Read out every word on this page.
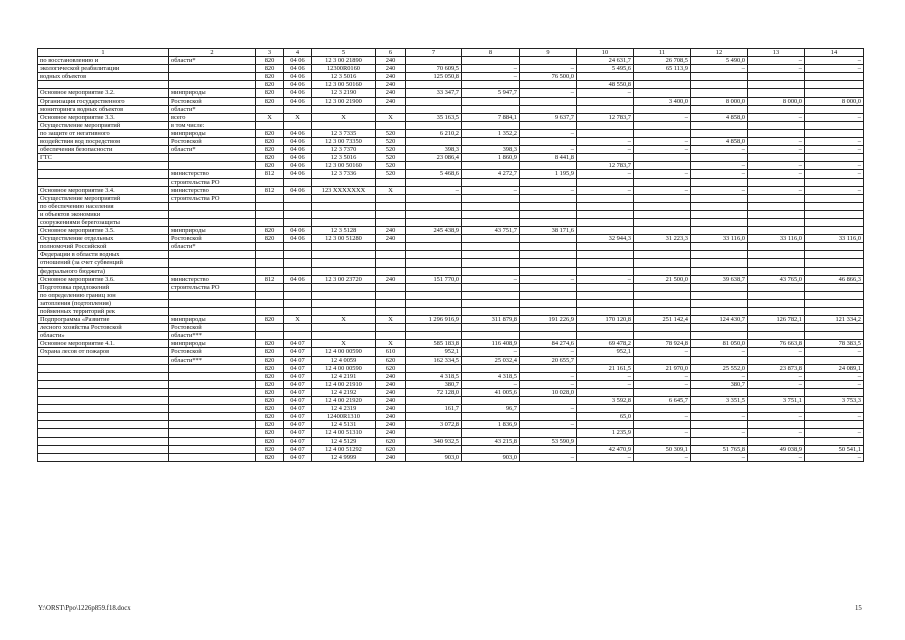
1	2	3	4	5	6	7	8	9	10	11	12	13	14
по восстановлению и	области*	820	04 06	12 3 00 21890	240				24 631,7	26 708,5	5 490,0	–	–
экологической реабилитации		820	04 06	12300R0160	240	70 609,5	–	–	5 495,6	65 113,9	–	–	–
водных объектов		820	04 06	12 3 5016	240	125 050,8	–	76 500,0					
		820	04 06	12 3 00 50160	240				48 550,8				
Основное мероприятие 3.2.	минприроды	820	04 06	12 3 2190	240	33 347,7	5 947,7	–	–				
Организация государственного	Ростовской	820	04 06	12 3 00 21900	240					3 400,0	8 000,0	8 000,0	8 000,0
мониторинга водных объектов	области*												
Основное мероприятие 3.3.	всего	X	X	X	X	35 163,5	7 884,1	9 637,7	12 783,7	–	4 858,0	–	–
Осуществление мероприятий	в том числе:												
по защите от негативного	минприроды	820	04 06	12 3 7335	520	6 210,2	1 352,2	–					
воздействия вод посредством	Ростовской	820	04 06	12 3 00 73350	520				–	–	4 858,0	–	–
обеспечения безопасности	области*	820	04 06	12 3 7370	520	398,3	398,3	–	–	–	–	–	–
ГТС		820	04 06	12 3 5016	520	23 086,4	1 860,9	8 441,8					
		820	04 06	12 3 00 50160	520				12 783,7		–	–	–
	министерство	812	04 06	12 3 7336	520	5 468,6	4 272,7	1 195,9	–	–	–	–	–
	строительства РО												
Основное мероприятие 3.4.	министерство	812	04 06	123 XXXXXXX	X	–	–	–	–	–	–	–	–
Осуществление мероприятий	строительства РО												
по обеспечению населения													
и объектов экономики													
сооружениями берегозащиты													
Основное мероприятие 3.5.	минприроды	820	04 06	12 3 5128	240	245 438,9	43 751,7	38 171,6					
Осуществление отдельных	Ростовской	820	04 06	12 3 00 51280	240				32 944,3	31 223,3	33 116,0	33 116,0	33 116,0
полномочий Российской	области*												
Федерации в области водных													
отношений (за счет субвенций													
федерального бюджета)													
Основное мероприятие 3.6.	министерство	812	04 06	12 3 00 23720	240	151 770,0	–	–	–	21 500,0	39 638,7	43 765,0	46 866,3
Подготовка предложений	строительства РО												
по определению границ зон													
затопления (подтопления)													
пойменных территорий рек													
Подпрограмма «Развитие	минприроды	820	X	X	X	1 296 916,9	311 879,8	191 226,9	170 120,8	251 142,4	124 430,7	126 782,1	121 334,2
лесного хозяйства Ростовской	Ростовской												
области»	области***												
Основное мероприятие 4.1.	минприроды	820	04 07	X	X	585 183,8	116 408,9	84 274,6	69 478,2	78 924,8	81 050,0	76 663,8	78 383,5
Охрана лесов от пожаров	Ростовской	820	04 07	12 4 00 00590	610	952,1	–	–	952,1	–	–	–	–
	области***	820	04 07	12 4 0059	620	162 334,5	25 032,4	20 655,7					
		820	04 07	12 4 00 00590	620				21 161,5	21 970,0	25 552,0	23 873,8	24 089,1
		820	04 07	12 4 2191	240	4 318,5	4 318,5	–	–	–	–	–	–
		820	04 07	12 4 00 21910	240	380,7	–	–	–	–	380,7	–	–
		820	04 07	12 4 2192	240	72 128,0	41 005,6	10 028,0					
		820	04 07	12 4 00 21920	240				3 592,8	6 645,7	3 351,5	3 751,1	3 753,3
		820	04 07	12 4 2319	240	161,7	96,7	–					
		820	04 07	12400R1310	240				65,0	–	–	–	–
		820	04 07	12 4 5131	240	3 072,8	1 836,9	–					
		820	04 07	12 4 00 51310	240				1 235,9	–	–	–	–
		820	04 07	12 4 5129	620	340 932,5	43 215,8	53 590,9					
		820	04 07	12 4 00 51292	620				42 470,9	50 309,1	51 765,8	49 038,9	50 541,1
		820	04 07	12 4 9999	240	903,0	903,0	–	–	–	–	–	–
Y:\ORST\Ppo\1226p859.f18.docx	15
